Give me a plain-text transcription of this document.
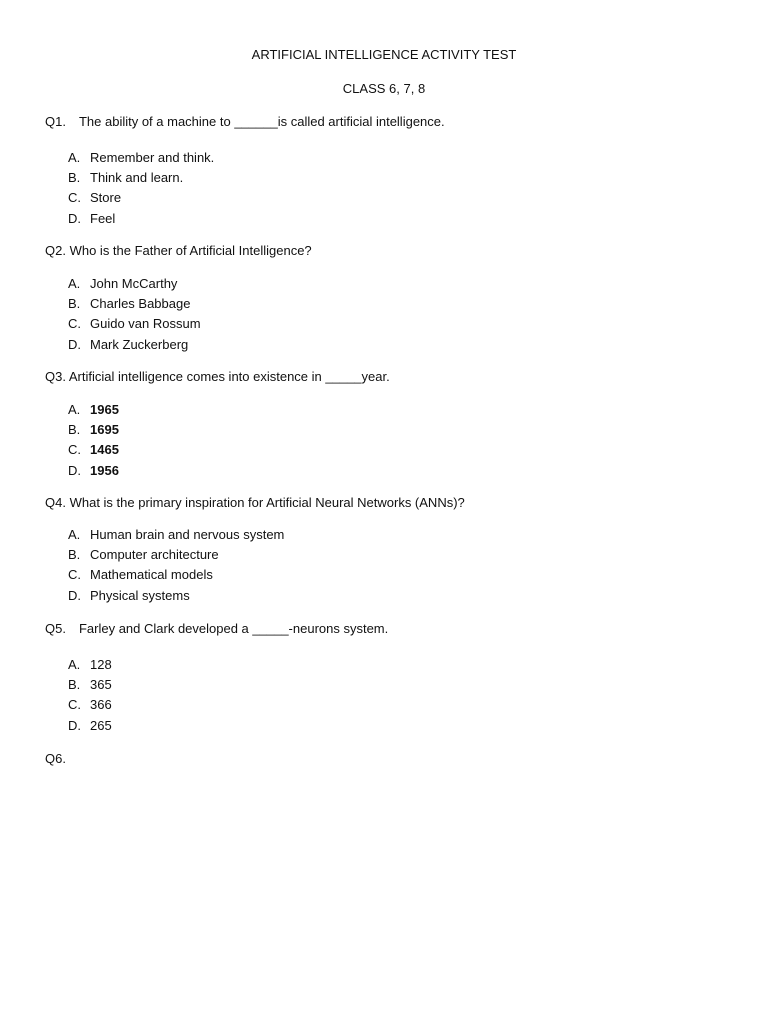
ARTIFICIAL INTELLIGENCE ACTIVITY TEST
CLASS 6, 7, 8
Q1. The ability of a machine to ______is called artificial intelligence.
A. Remember and think.
B. Think and learn.
C. Store
D. Feel
Q2. Who is the Father of Artificial Intelligence?
A. John McCarthy
B. Charles Babbage
C. Guido van Rossum
D. Mark Zuckerberg
Q3. Artificial intelligence comes into existence in _____year.
A. 1965
B. 1695
C. 1465
D. 1956
Q4. What is the primary inspiration for Artificial Neural Networks (ANNs)?
A. Human brain and nervous system
B. Computer architecture
C. Mathematical models
D. Physical systems
Q5. Farley and Clark developed a _____-neurons system.
A. 128
B. 365
C. 366
D. 265
Q6.
